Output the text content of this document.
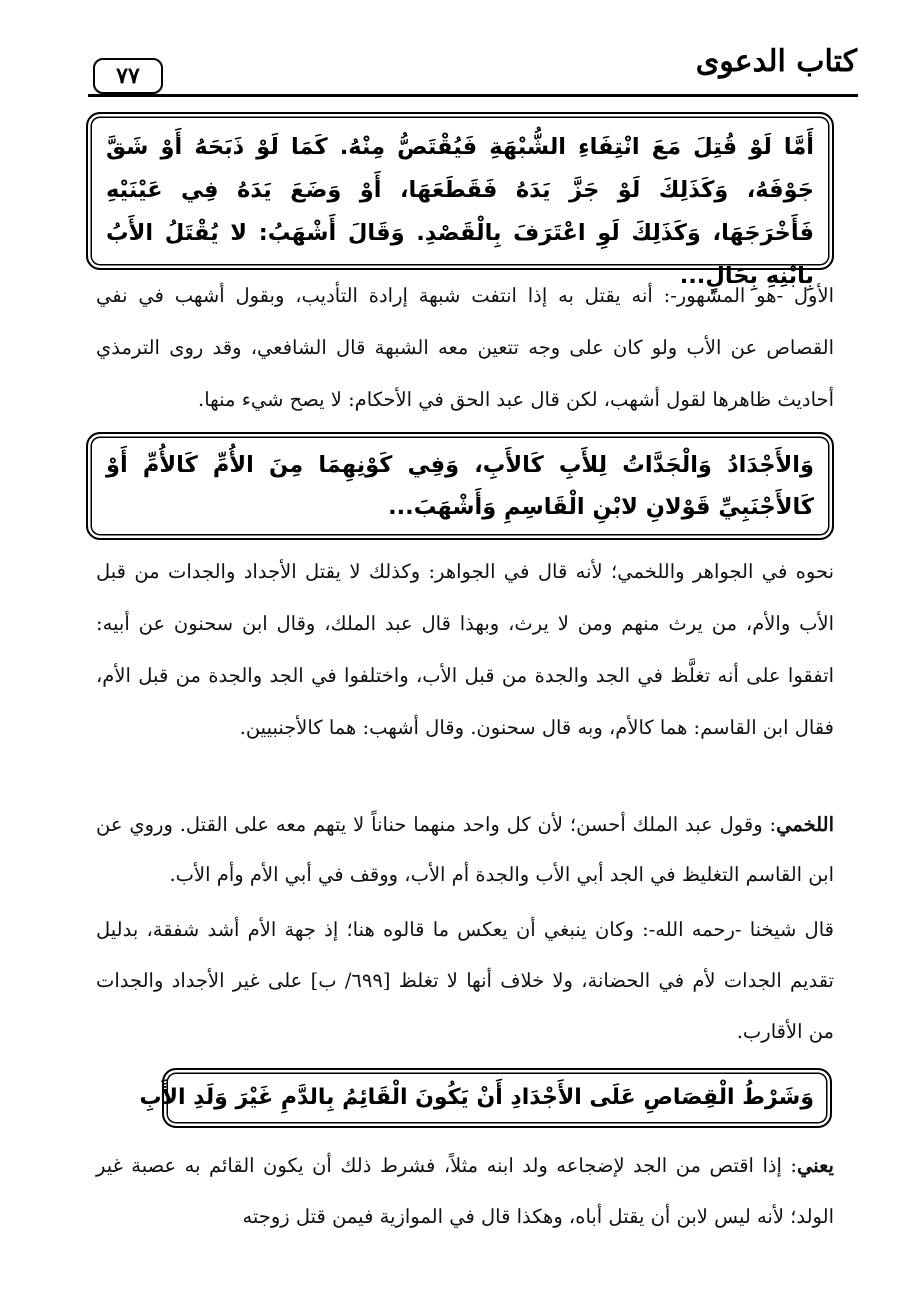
كتاب الدعوى
٧٧
أَمَّا لَوْ قُتِلَ مَعَ انْتِفَاءِ الشُّبْهَةِ فَيُقْتَصُّ مِنْهُ. كَمَا لَوْ ذَبَحَهُ أَوْ شَقَّ جَوْفَهُ، وَكَذَلِكَ لَوْ جَزَّ يَدَهُ فَقَطَعَهَا، أَوْ وَضَعَ يَدَهُ فِي عَيْنَيْهِ فَأَخْرَجَهَا، وَكَذَلِكَ لَوِ اعْتَرَفَ بِالْقَصْدِ. وَقَالَ أَشْهَبُ: لا يُقْتَلُ الأَبُ بِابْنِهِ بِحَالٍ...

الأول -هو المشهور-: أنه يقتل به إذا انتفت شبهة إرادة التأديب، وبقول أشهب في نفي القصاص عن الأب ولو كان على وجه تتعين معه الشبهة قال الشافعي، وقد روى الترمذي أحاديث ظاهرها لقول أشهب، لكن قال عبد الحق في الأحكام: لا يصح شيء منها.

وَالأَجْدَادُ وَالْجَدَّاتُ لِلأَبِ كَالأَبِ، وَفِي كَوْنِهِمَا مِنَ الأُمِّ كَالأُمِّ أَوْ كَالأَجْنَبِيِّ قَوْلانِ لابْنِ الْقَاسِمِ وَأَشْهَبَ...

نحوه في الجواهر واللخمي؛ لأنه قال في الجواهر: وكذلك لا يقتل الأجداد والجدات من قبل الأب والأم، من يرث منهم ومن لا يرث، وبهذا قال عبد الملك، وقال ابن سحنون عن أبيه: اتفقوا على أنه تغلَّظ في الجد والجدة من قبل الأب، واختلفوا في الجد والجدة من قبل الأم، فقال ابن القاسم: هما كالأم، وبه قال سحنون. وقال أشهب: هما كالأجنبيين.

اللخمي: وقول عبد الملك أحسن؛ لأن كل واحد منهما حناناً لا يتهم معه على القتل. وروي عن ابن القاسم التغليظ في الجد أبي الأب والجدة أم الأب، ووقف في أبي الأم وأم الأب.

قال شيخنا -رحمه الله-: وكان ينبغي أن يعكس ما قالوه هنا؛ إذ جهة الأم أشد شفقة، بدليل تقديم الجدات لأم في الحضانة، ولا خلاف أنها لا تغلظ [٦٩٩/ ب] على غير الأجداد والجدات من الأقارب.

وَشَرْطُ الْقِصَاصِ عَلَى الأَجْدَادِ أَنْ يَكُونَ الْقَائِمُ بِالدَّمِ غَيْرَ وَلَدِ الأَبِ

يعني: إذا اقتص من الجد لإضجاعه ولد ابنه مثلاً، فشرط ذلك أن يكون القائم به عصبة غير الولد؛ لأنه ليس لابن أن يقتل أباه، وهكذا قال في الموازية فيمن قتل زوجته
